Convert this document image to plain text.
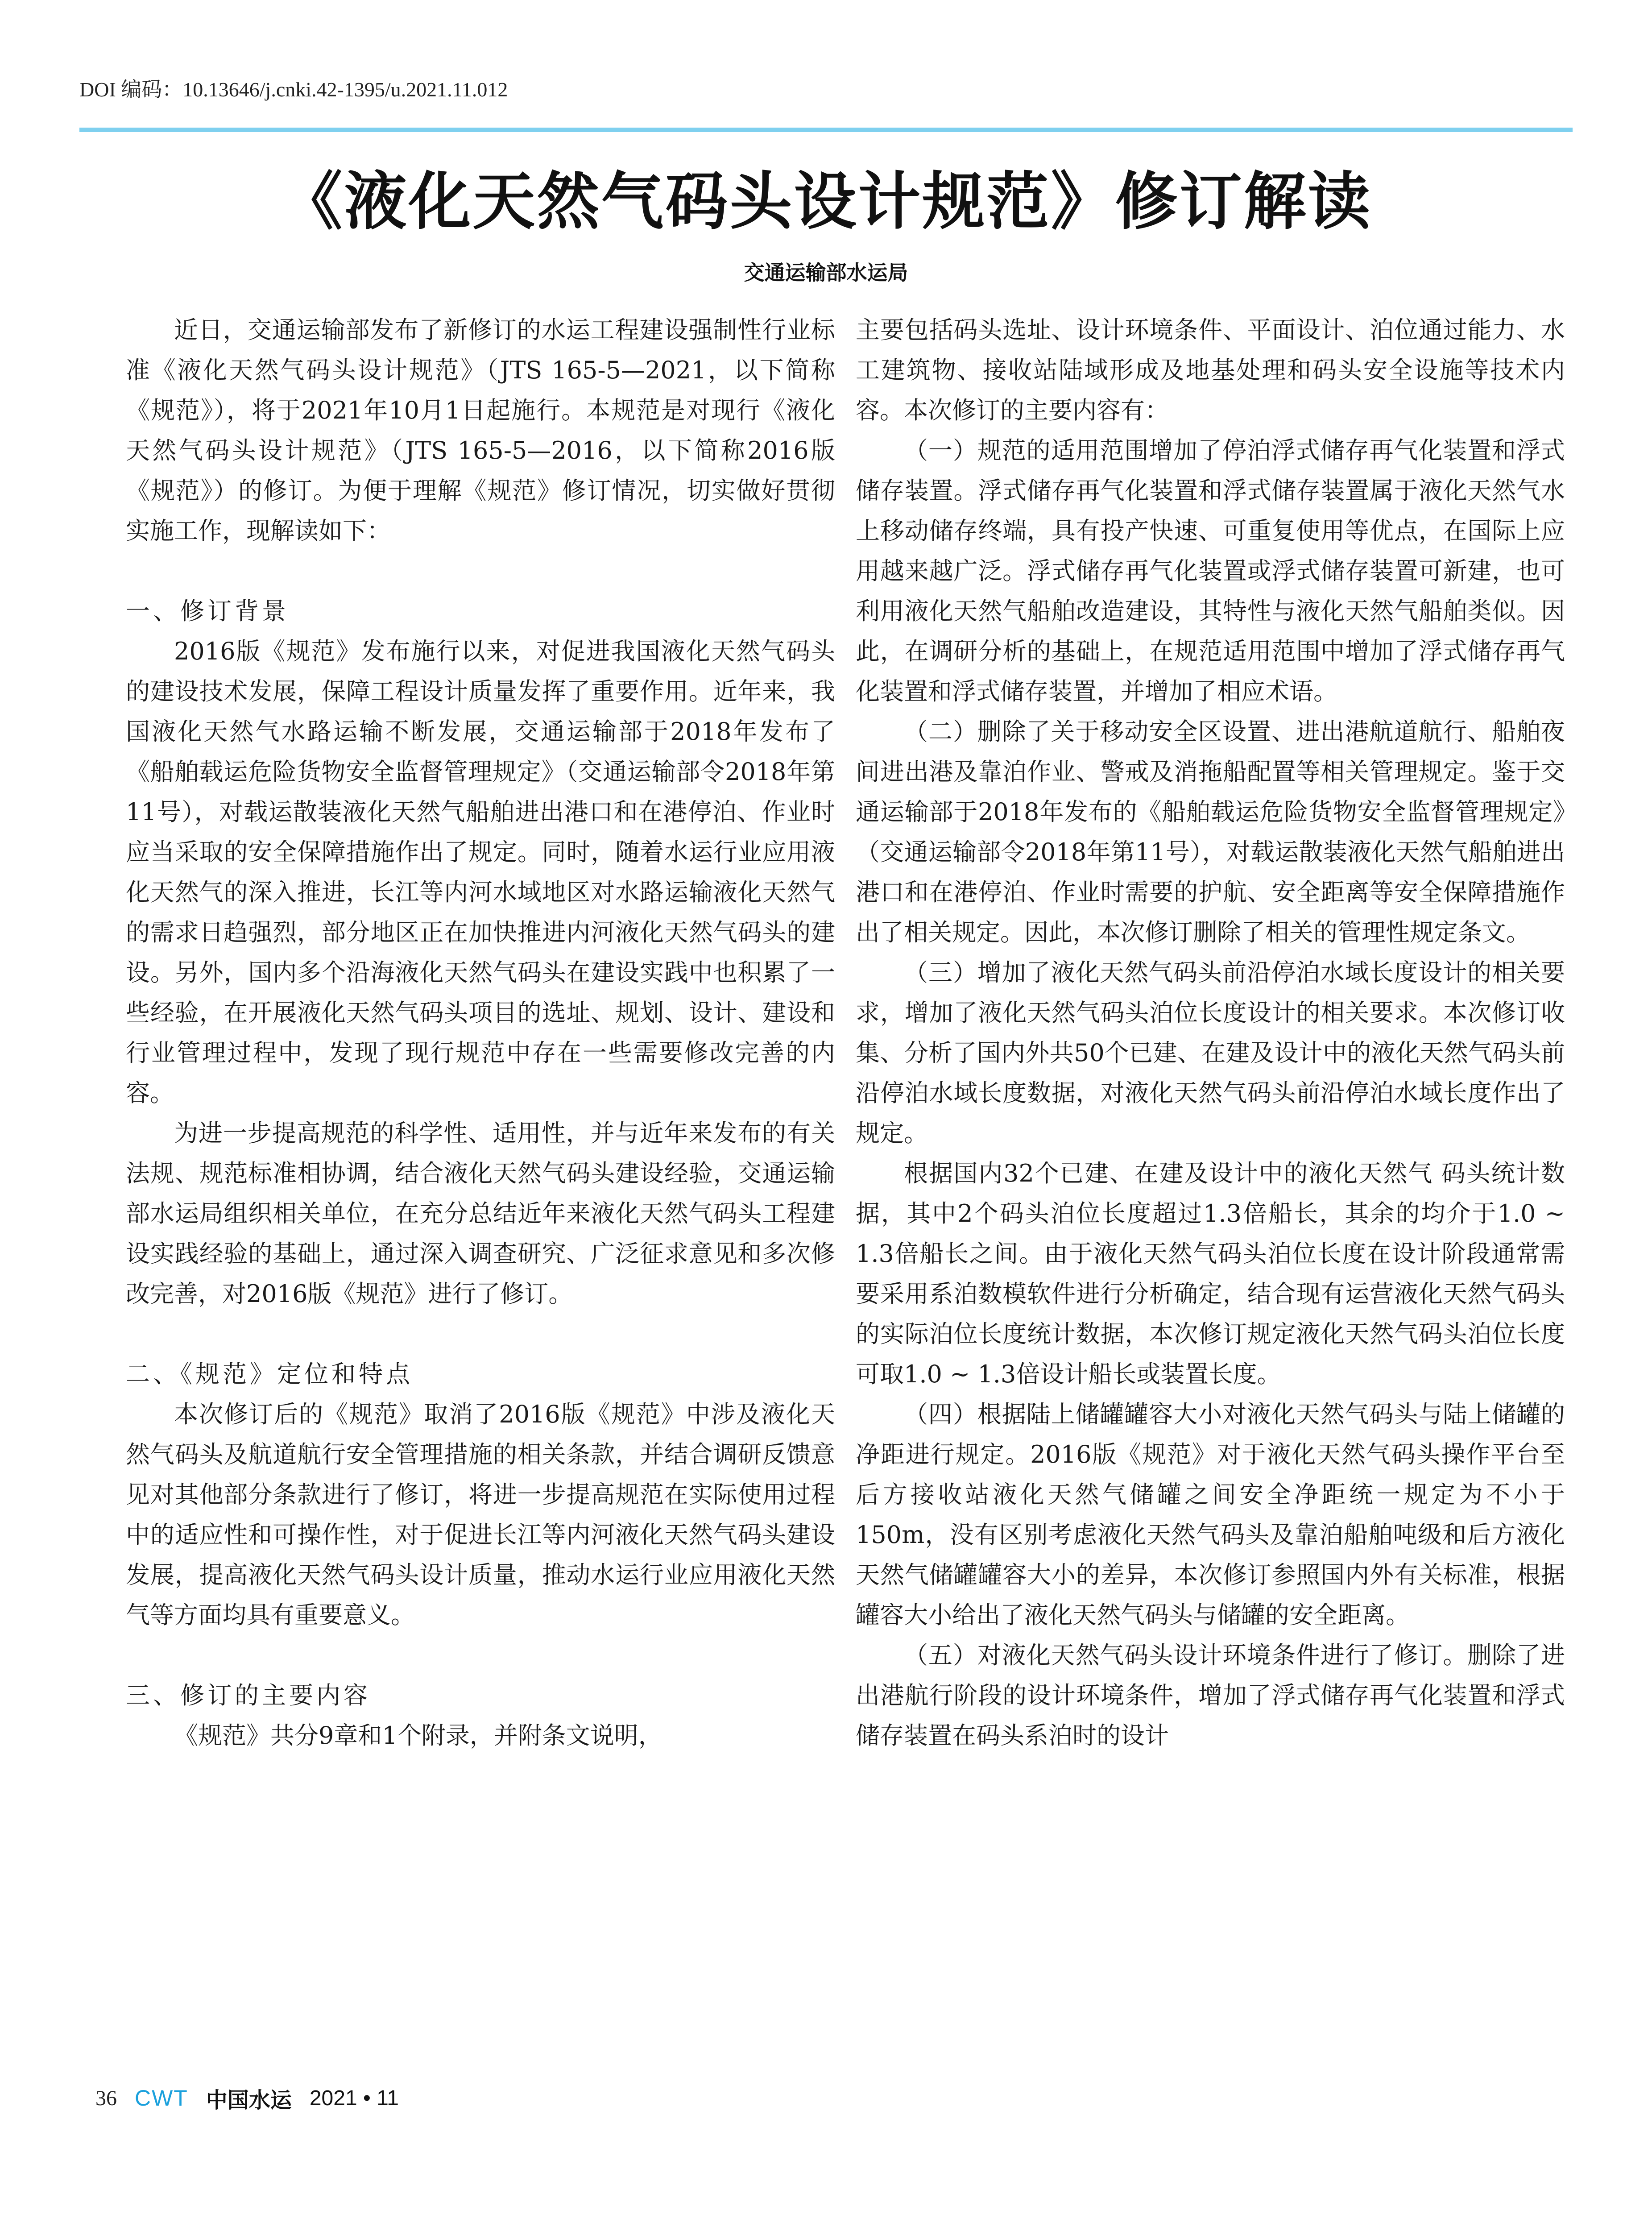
DOI 编码：10.13646/j.cnki.42-1395/u.2021.11.012
《液化天然气码头设计规范》修订解读
交通运输部水运局

近日，交通运输部发布了新修订的水运工程建设强制性行业标准《液化天然气码头设计规范》（JTS 165-5—2021，以下简称《规范》），将于2021年10月1日起施行。本规范是对现行《液化天然气码头设计规范》（JTS 165-5—2016，以下简称2016版《规范》）的修订。为便于理解《规范》修订情况，切实做好贯彻实施工作，现解读如下：

一、修订背景

2016版《规范》发布施行以来，对促进我国液化天然气码头的建设技术发展，保障工程设计质量发挥了重要作用。近年来，我国液化天然气水路运输不断发展，交通运输部于2018年发布了《船舶载运危险货物安全监督管理规定》（交通运输部令2018年第11号），对载运散装液化天然气船舶进出港口和在港停泊、作业时应当采取的安全保障措施作出了规定。同时，随着水运行业应用液化天然气的深入推进，长江等内河水域地区对水路运输液化天然气的需求日趋强烈，部分地区正在加快推进内河液化天然气码头的建设。另外，国内多个沿海液化天然气码头在建设实践中也积累了一些经验，在开展液化天然气码头项目的选址、规划、设计、建设和行业管理过程中，发现了现行规范中存在一些需要修改完善的内容。

为进一步提高规范的科学性、适用性，并与近年来发布的有关法规、规范标准相协调，结合液化天然气码头建设经验，交通运输部水运局组织相关单位，在充分总结近年来液化天然气码头工程建设实践经验的基础上，通过深入调查研究、广泛征求意见和多次修改完善，对2016版《规范》进行了修订。

二、《规范》定位和特点

本次修订后的《规范》取消了2016版《规范》中涉及液化天然气码头及航道航行安全管理措施的相关条款，并结合调研反馈意见对其他部分条款进行了修订，将进一步提高规范在实际使用过程中的适应性和可操作性，对于促进长江等内河液化天然气码头建设发展，提高液化天然气码头设计质量，推动水运行业应用液化天然气等方面均具有重要意义。

三、修订的主要内容

《规范》共分9章和1个附录，并附条文说明，

主要包括码头选址、设计环境条件、平面设计、泊位通过能力、水工建筑物、接收站陆域形成及地基处理和码头安全设施等技术内容。本次修订的主要内容有：

（一）规范的适用范围增加了停泊浮式储存再气化装置和浮式储存装置。浮式储存再气化装置和浮式储存装置属于液化天然气水上移动储存终端，具有投产快速、可重复使用等优点，在国际上应用越来越广泛。浮式储存再气化装置或浮式储存装置可新建，也可利用液化天然气船舶改造建设，其特性与液化天然气船舶类似。因此，在调研分析的基础上，在规范适用范围中增加了浮式储存再气化装置和浮式储存装置，并增加了相应术语。

（二）删除了关于移动安全区设置、进出港航道航行、船舶夜间进出港及靠泊作业、警戒及消拖船配置等相关管理规定。鉴于交通运输部于2018年发布的《船舶载运危险货物安全监督管理规定》（交通运输部令2018年第11号），对载运散装液化天然气船舶进出港口和在港停泊、作业时需要的护航、安全距离等安全保障措施作出了相关规定。因此，本次修订删除了相关的管理性规定条文。

（三）增加了液化天然气码头前沿停泊水域长度设计的相关要求，增加了液化天然气码头泊位长度设计的相关要求。本次修订收集、分析了国内外共50个已建、在建及设计中的液化天然气码头前沿停泊水域长度数据，对液化天然气码头前沿停泊水域长度作出了规定。

根据国内32个已建、在建及设计中的液化天然气 码头统计数据，其中2个码头泊位长度超过1.3倍船长，其余的均介于1.0 ~ 1.3倍船长之间。由于液化天然气码头泊位长度在设计阶段通常需要采用系泊数模软件进行分析确定，结合现有运营液化天然气码头的实际泊位长度统计数据，本次修订规定液化天然气码头泊位长度可取1.0 ~ 1.3倍设计船长或装置长度。

（四）根据陆上储罐罐容大小对液化天然气码头与陆上储罐的净距进行规定。2016版《规范》对于液化天然气码头操作平台至后方接收站液化天然气储罐之间安全净距统一规定为不小于150m，没有区别考虑液化天然气码头及靠泊船舶吨级和后方液化天然气储罐罐容大小的差异，本次修订参照国内外有关标准，根据罐容大小给出了液化天然气码头与储罐的安全距离。

（五）对液化天然气码头设计环境条件进行了修订。删除了进出港航行阶段的设计环境条件，增加了浮式储存再气化装置和浮式储存装置在码头系泊时的设计

36 CWT 中国水运 2021 • 11
